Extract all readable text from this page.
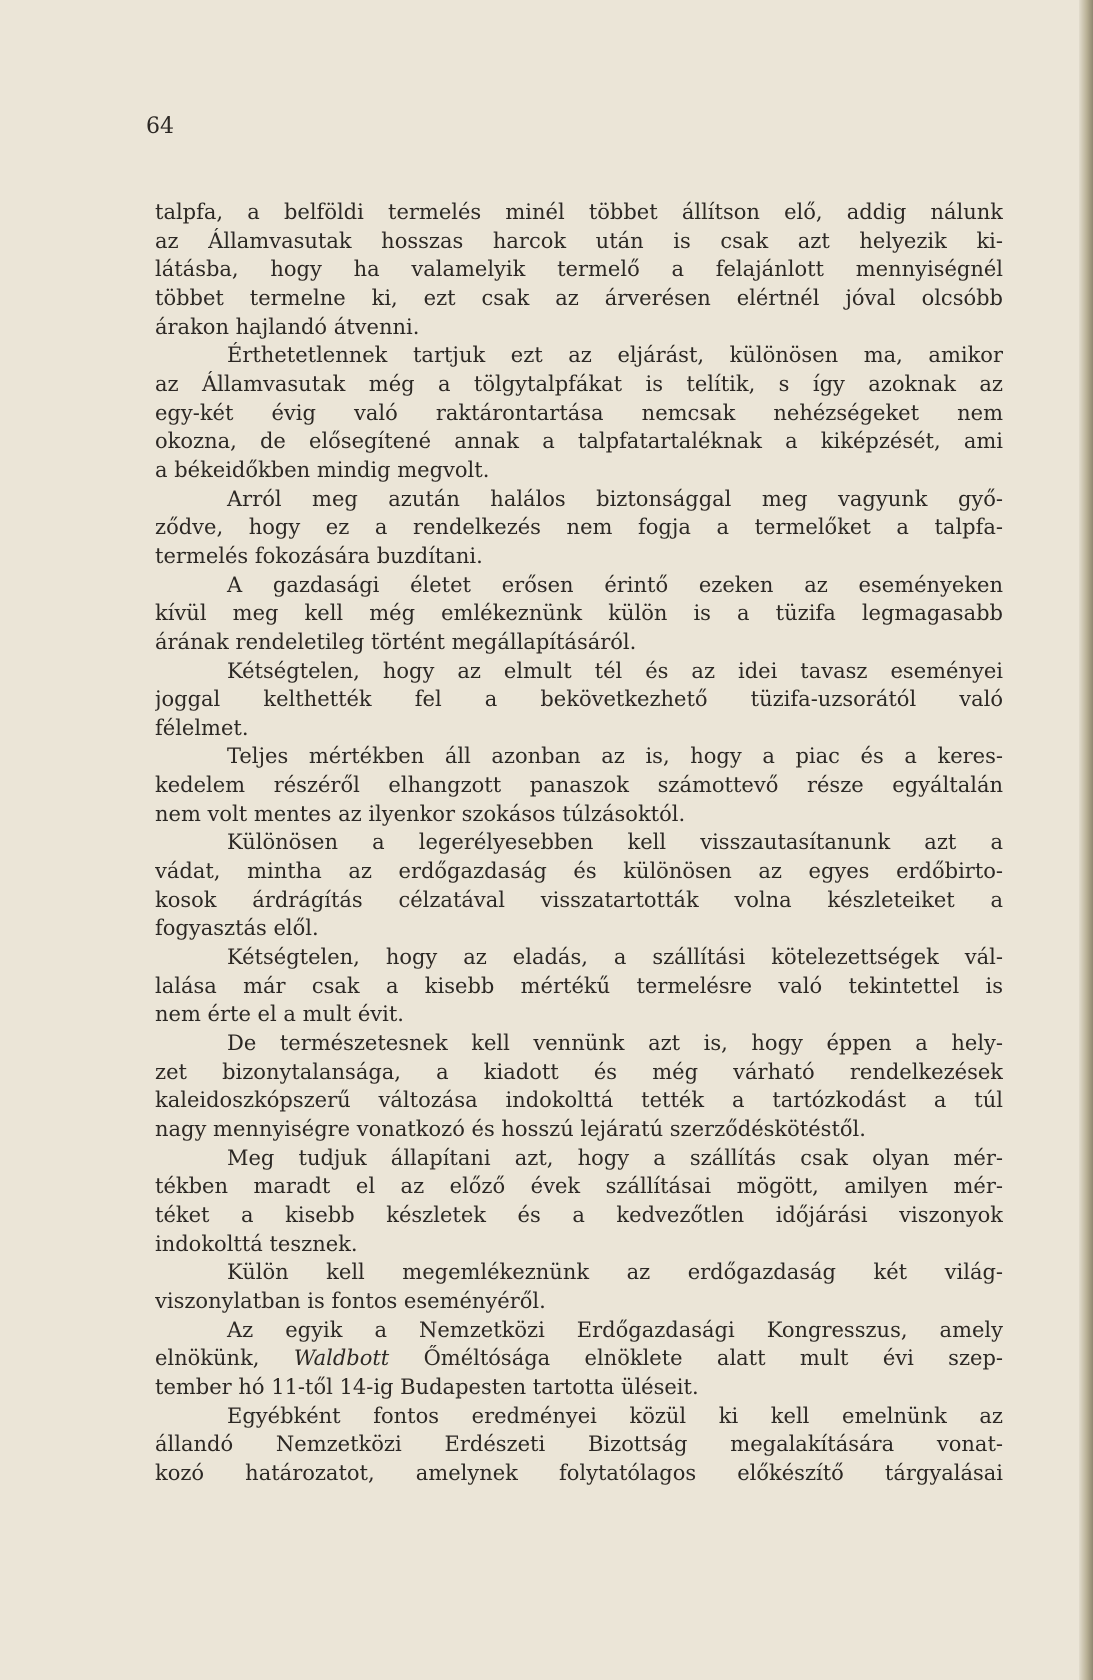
64
talpfa, a belföldi termelés minél többet állítson elő, addig nálunk
az Államvasutak hosszas harcok után is csak azt helyezik ki-
látásba, hogy ha valamelyik termelő a felajánlott mennyiségnél
többet termelne ki, ezt csak az árverésen elértnél jóval olcsóbb
árakon hajlandó átvenni.
Érthetetlennek tartjuk ezt az eljárást, különösen ma, amikor
az Államvasutak még a tölgytalpfákat is telítik, s így azoknak az
egy-két évig való raktárontartása nemcsak nehézségeket nem
okozna, de elősegítené annak a talpfatartaléknak a kiképzését, ami
a békeidőkben mindig megvolt.
Arról meg azután halálos biztonsággal meg vagyunk győ-
ződve, hogy ez a rendelkezés nem fogja a termelőket a talpfa-
termelés fokozására buzdítani.
A gazdasági életet erősen érintő ezeken az eseményeken
kívül meg kell még emlékeznünk külön is a tüzifa legmagasabb
árának rendeletileg történt megállapításáról.
Kétségtelen, hogy az elmult tél és az idei tavasz eseményei
joggal kelthették fel a bekövetkezhető tüzifa-uzsorától való
félelmet.
Teljes mértékben áll azonban az is, hogy a piac és a keres-
kedelem részéről elhangzott panaszok számottevő része egyáltalán
nem volt mentes az ilyenkor szokásos túlzásoktól.
Különösen a legerélyesebben kell visszautasítanunk azt a
vádat, mintha az erdőgazdaság és különösen az egyes erdőbirto-
kosok árdrágítás célzatával visszatartották volna készleteiket a
fogyasztás elől.
Kétségtelen, hogy az eladás, a szállítási kötelezettségek vál-
lalása már csak a kisebb mértékű termelésre való tekintettel is
nem érte el a mult évit.
De természetesnek kell vennünk azt is, hogy éppen a hely-
zet bizonytalansága, a kiadott és még várható rendelkezések
kaleidoszkópszerű változása indokolttá tették a tartózkodást a túl
nagy mennyiségre vonatkozó és hosszú lejáratú szerződéskötéstől.
Meg tudjuk állapítani azt, hogy a szállítás csak olyan mér-
tékben maradt el az előző évek szállításai mögött, amilyen mér-
téket a kisebb készletek és a kedvezőtlen időjárási viszonyok
indokolttá tesznek.
Külön kell megemlékeznünk az erdőgazdaság két világ-
viszonylatban is fontos eseményéről.
Az egyik a Nemzetközi Erdőgazdasági Kongresszus, amely
elnökünk, Waldbott Őméltósága elnöklete alatt mult évi szep-
tember hó 11-től 14-ig Budapesten tartotta üléseit.
Egyébként fontos eredményei közül ki kell emelnünk az
állandó Nemzetközi Erdészeti Bizottság megalakítására vonat-
kozó határozatot, amelynek folytatólagos előkészítő tárgyalásai
